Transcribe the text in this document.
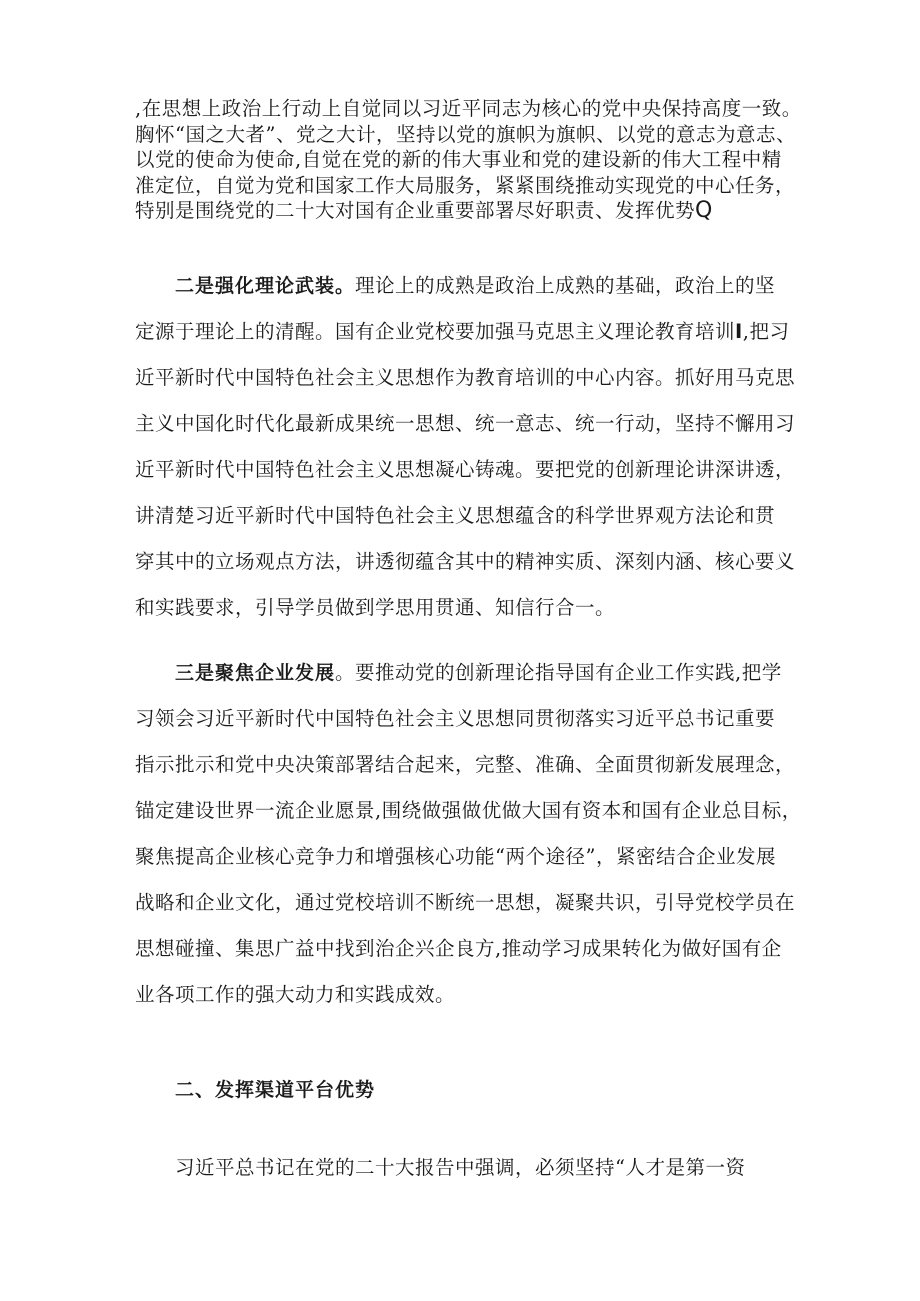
,在思想上政治上行动上自觉同以习近平同志为核心的党中央保持高度一致。
胸怀“国之大者”、党之大计，坚持以党的旗帜为旗帜、以党的意志为意志、
以党的使命为使命,自觉在党的新的伟大事业和党的建设新的伟大工程中精
准定位，自觉为党和国家工作大局服务，紧紧围绕推动实现党的中心任务，
特别是围绕党的二十大对国有企业重要部署尽好职责、发挥优势Q
二是强化理论武装。理论上的成熟是政治上成熟的基础，政治上的坚
定源于理论上的清醒。国有企业党校要加强马克思主义理论教育培训I,把习
近平新时代中国特色社会主义思想作为教育培训的中心内容。抓好用马克思
主义中国化时代化最新成果统一思想、统一意志、统一行动，坚持不懈用习
近平新时代中国特色社会主义思想凝心铸魂。要把党的创新理论讲深讲透，
讲清楚习近平新时代中国特色社会主义思想蕴含的科学世界观方法论和贯
穿其中的立场观点方法，讲透彻蕴含其中的精神实质、深刻内涵、核心要义
和实践要求，引导学员做到学思用贯通、知信行合一。
三是聚焦企业发展。要推动党的创新理论指导国有企业工作实践,把学
习领会习近平新时代中国特色社会主义思想同贯彻落实习近平总书记重要
指示批示和党中央决策部署结合起来，完整、准确、全面贯彻新发展理念，
锚定建设世界一流企业愿景,围绕做强做优做大国有资本和国有企业总目标，
聚焦提高企业核心竞争力和增强核心功能“两个途径”，紧密结合企业发展
战略和企业文化，通过党校培训不断统一思想，凝聚共识，引导党校学员在
思想碰撞、集思广益中找到治企兴企良方,推动学习成果转化为做好国有企
业各项工作的强大动力和实践成效。
二、发挥渠道平台优势
习近平总书记在党的二十大报告中强调，必须坚持“人才是第一资
